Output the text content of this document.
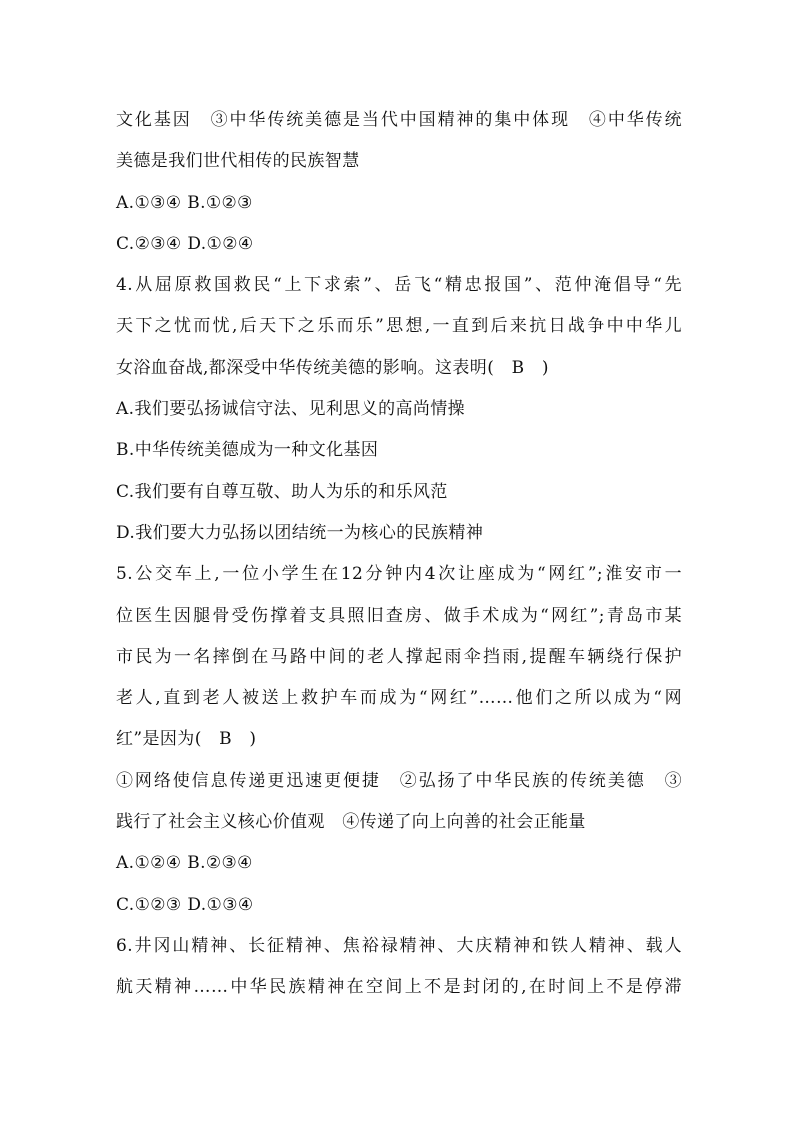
文化基因　③中华传统美德是当代中国精神的集中体现　④中华传统
美德是我们世代相传的民族智慧
A.①③④ B.①②③
C.②③④ D.①②④
4.从屈原救国救民“上下求索”、岳飞“精忠报国”、范仲淹倡导“先
天下之忧而忧,后天下之乐而乐”思想,一直到后来抗日战争中中华儿
女浴血奋战,都深受中华传统美德的影响。这表明(　B　)
A.我们要弘扬诚信守法、见利思义的高尚情操
B.中华传统美德成为一种文化基因
C.我们要有自尊互敬、助人为乐的和乐风范
D.我们要大力弘扬以团结统一为核心的民族精神
5.公交车上,一位小学生在12分钟内4次让座成为“网红”;淮安市一
位医生因腿骨受伤撑着支具照旧查房、做手术成为“网红”;青岛市某
市民为一名摔倒在马路中间的老人撑起雨伞挡雨,提醒车辆绕行保护
老人,直到老人被送上救护车而成为“网红”……他们之所以成为“网
红”是因为(　B　)
①网络使信息传递更迅速更便捷　②弘扬了中华民族的传统美德　③
践行了社会主义核心价值观　④传递了向上向善的社会正能量
A.①②④ B.②③④
C.①②③ D.①③④
6.井冈山精神、长征精神、焦裕禄精神、大庆精神和铁人精神、载人
航天精神……中华民族精神在空间上不是封闭的,在时间上不是停滞
